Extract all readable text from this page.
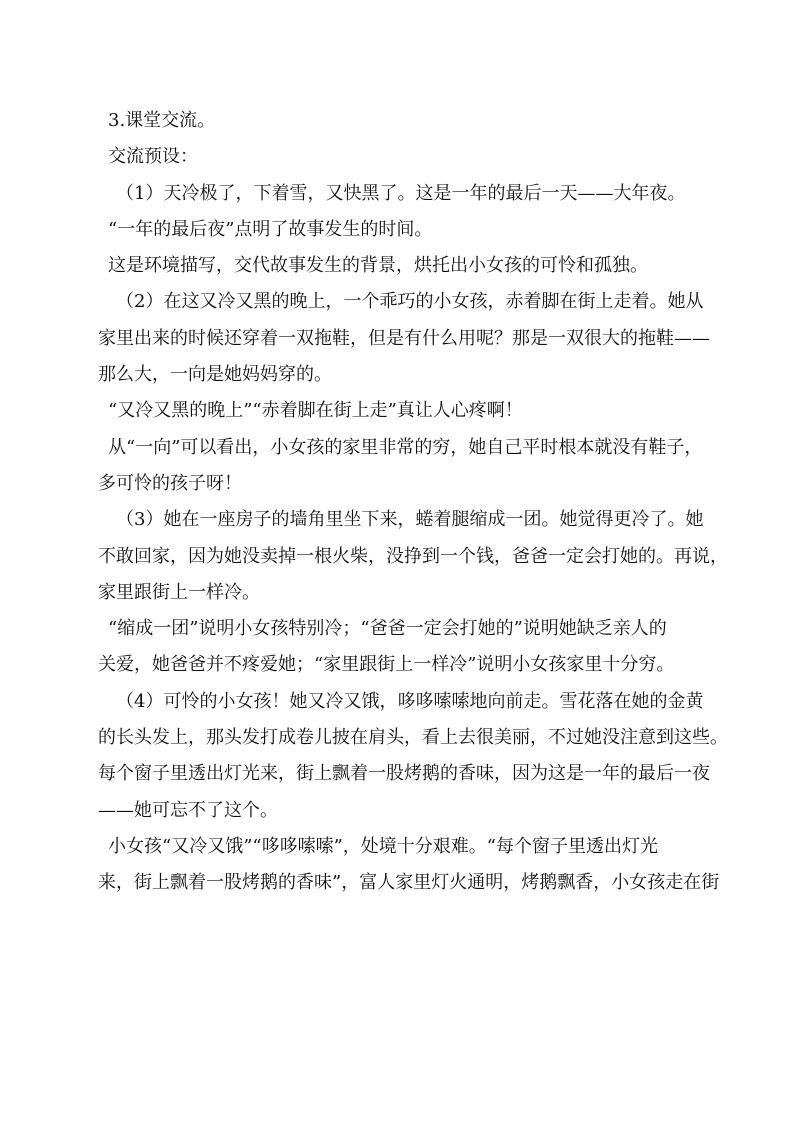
3.课堂交流。
交流预设：
（1）天冷极了，下着雪，又快黑了。这是一年的最后一天——大年夜。
“一年的最后夜”点明了故事发生的时间。
这是环境描写，交代故事发生的背景，烘托出小女孩的可怜和孤独。
（2）在这又冷又黑的晚上，一个乖巧的小女孩，赤着脚在街上走着。她从
家里出来的时候还穿着一双拖鞋，但是有什么用呢？那是一双很大的拖鞋——
那么大，一向是她妈妈穿的。
“又冷又黑的晚上”“赤着脚在街上走”真让人心疼啊！
从“一向”可以看出，小女孩的家里非常的穷，她自己平时根本就没有鞋子，
多可怜的孩子呀！
（3）她在一座房子的墙角里坐下来，蜷着腿缩成一团。她觉得更冷了。她
不敢回家，因为她没卖掉一根火柴，没挣到一个钱，爸爸一定会打她的。再说，
家里跟街上一样冷。
“缩成一团”说明小女孩特别冷；“爸爸一定会打她的”说明她缺乏亲人的
关爱，她爸爸并不疼爱她；“家里跟街上一样冷”说明小女孩家里十分穷。
（4）可怜的小女孩！她又冷又饿，哆哆嗦嗦地向前走。雪花落在她的金黄
的长头发上，那头发打成卷儿披在肩头，看上去很美丽，不过她没注意到这些。
每个窗子里透出灯光来，街上飘着一股烤鹅的香味，因为这是一年的最后一夜
——她可忘不了这个。
小女孩“又冷又饿”“哆哆嗦嗦”，处境十分艰难。“每个窗子里透出灯光
来，街上飘着一股烤鹅的香味”，富人家里灯火通明，烤鹅飘香，小女孩走在街
